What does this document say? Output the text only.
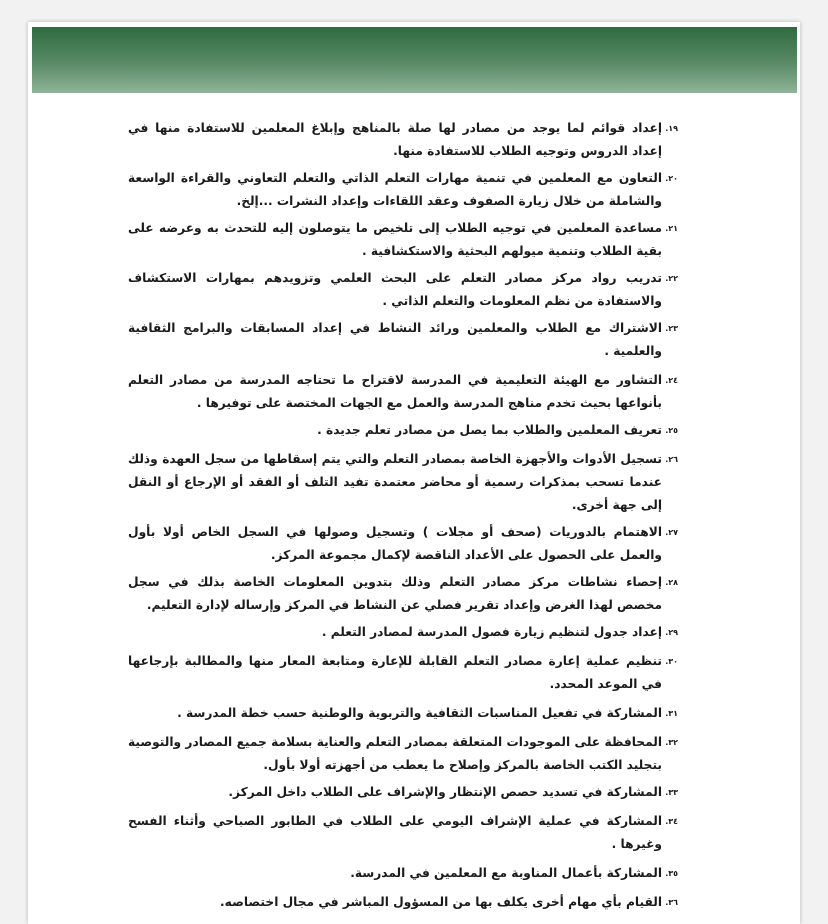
١٩.
إعداد قوائم لما يوجد من مصادر لها صلة بالمناهج وإبلاغ المعلمين للاستفادة منها في إعداد الدروس وتوجيه الطلاب للاستفادة منها.
٢٠.
التعاون مع المعلمين في تنمية مهارات التعلم الذاتي والتعلم التعاوني والقراءة الواسعة والشاملة من خلال زيارة الصفوف وعقد اللقاءات وإعداد النشرات ...إلخ.
٢١.
مساعدة المعلمين في توجيه الطلاب إلى تلخيص ما يتوصلون إليه للتحدث به وعرضه على بقية الطلاب وتنمية ميولهم البحثية والاستكشافية .
٢٢.
تدريب رواد مركز مصادر التعلم على البحث العلمي وتزويدهم بمهارات الاستكشاف والاستفادة من نظم المعلومات والتعلم الذاتي .
٢٣.
الاشتراك مع الطلاب والمعلمين ورائد النشاط في إعداد المسابقات والبرامج الثقافية والعلمية .
٢٤.
التشاور مع الهيئة التعليمية في المدرسة لاقتراح ما تحتاجه المدرسة من مصادر التعلم بأنواعها بحيث تخدم مناهج المدرسة والعمل مع الجهات المختصة على توفيرها .
٢٥.
تعريف المعلمين والطلاب بما يصل من مصادر تعلم جديدة .
٢٦.
تسجيل الأدوات والأجهزة الخاصة بمصادر التعلم والتي يتم إسقاطها من سجل العهدة وذلك عندما تسحب بمذكرات رسمية أو محاضر معتمدة تفيد التلف أو الفقد أو الإرجاع أو النقل إلى جهة أخرى.
٢٧.
الاهتمام بالدوريات (صحف أو مجلات ) وتسجيل وصولها في السجل الخاص أولا بأول والعمل على الحصول على الأعداد الناقصة لإكمال مجموعة المركز.
٢٨.
إحصاء نشاطات مركز مصادر التعلم وذلك بتدوين المعلومات الخاصة بذلك في سجل مخصص لهذا الغرض وإعداد تقرير فصلي عن النشاط في المركز وإرساله لإدارة التعليم.
٢٩.
إعداد جدول لتنظيم زيارة فصول المدرسة لمصادر التعلم .
٣٠.
تنظيم عملية إعارة مصادر التعلم القابلة للإعارة ومتابعة المعار منها والمطالبة بإرجاعها في الموعد المحدد.
٣١.
المشاركة في تفعيل المناسبات الثقافية والتربوية والوطنية حسب خطة المدرسة .
٣٢.
المحافظة على الموجودات المتعلقة بمصادر التعلم والعناية بسلامة جميع المصادر والتوصية بتجليد الكتب الخاصة بالمركز وإصلاح ما يعطب من أجهزته أولا بأول.
٣٣.
المشاركة في تسديد حصص الإنتظار والإشراف على الطلاب داخل المركز.
٣٤.
المشاركة في عملية الإشراف اليومي على الطلاب في الطابور الصباحي وأثناء الفسح وغيرها .
٣٥.
المشاركة بأعمال المناوبة مع المعلمين في المدرسة.
٣٦.
القيام بأي مهام أخرى يكلف بها من المسؤول المباشر في مجال اختصاصه.
